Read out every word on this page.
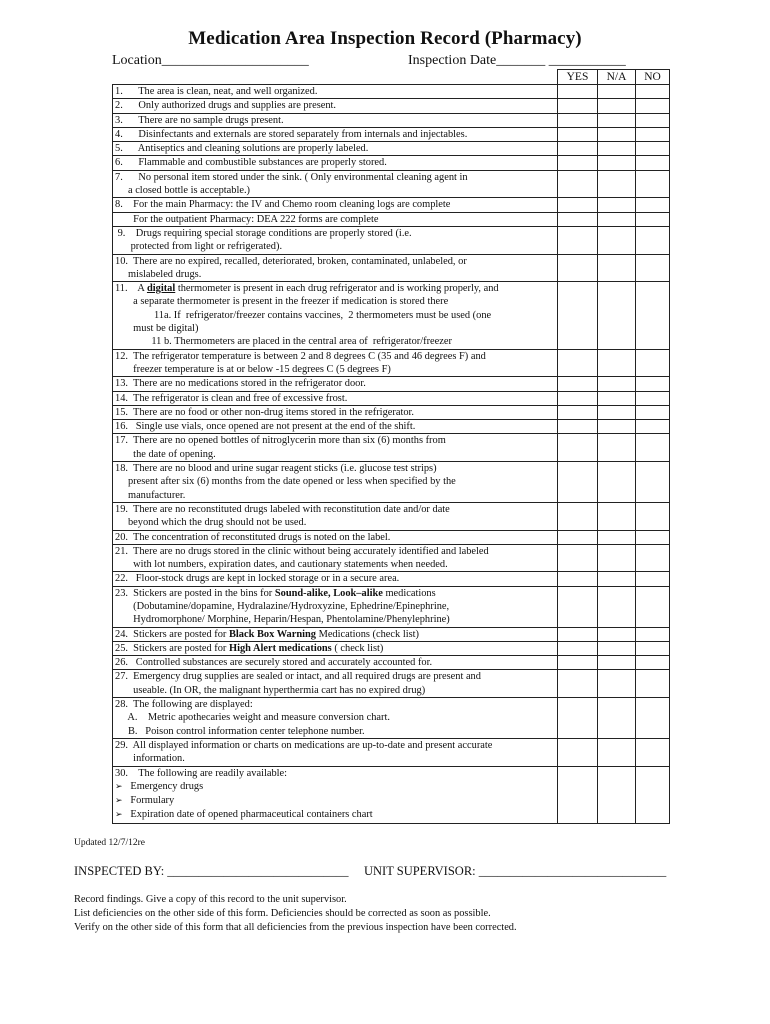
Medication Area Inspection Record (Pharmacy)
Location_____________________	Inspection Date_______ ___________
	YES	N/A	NO

1.      The area is clean, neat, and well organized.			

2.      Only authorized drugs and supplies are present.			

3.      There are no sample drugs present.			

4.      Disinfectants and externals are stored separately from internals and injectables.			

5.      Antiseptics and cleaning solutions are properly labeled.			

6.      Flammable and combustible substances are properly stored.			

7.      No personal item stored under the sink. ( Only environmental cleaning agent in
a closed bottle is acceptable.)			

8.    For the main Pharmacy: the IV and Chemo room cleaning logs are complete			

For the outpatient Pharmacy: DEA 222 forms are complete			

9.    Drugs requiring special storage conditions are properly stored (i.e.
protected from light or refrigerated).			

10.  There are no expired, recalled, deteriorated, broken, contaminated, unlabeled, or
mislabeled drugs.			

11.    A digital thermometer is present in each drug refrigerator and is working properly, and
a separate thermometer is present in the freezer if medication is stored there
11a. If  refrigerator/freezer contains vaccines,  2 thermometers must be used (one
must be digital)
11 b. Thermometers are placed in the central area of  refrigerator/freezer			

12.  The refrigerator temperature is between 2 and 8 degrees C (35 and 46 degrees F) and
freezer temperature is at or below -15 degrees C (5 degrees F)			

13.  There are no medications stored in the refrigerator door.			

14.  The refrigerator is clean and free of excessive frost.			

15.  There are no food or other non-drug items stored in the refrigerator.			

16.   Single use vials, once opened are not present at the end of the shift.			

17.  There are no opened bottles of nitroglycerin more than six (6) months from
the date of opening.			

18.  There are no blood and urine sugar reagent sticks (i.e. glucose test strips)
present after six (6) months from the date opened or less when specified by the
manufacturer.			

19.  There are no reconstituted drugs labeled with reconstitution date and/or date
beyond which the drug should not be used.			

20.  The concentration of reconstituted drugs is noted on the label.			

21.  There are no drugs stored in the clinic without being accurately identified and labeled
with lot numbers, expiration dates, and cautionary statements when needed.			

22.   Floor-stock drugs are kept in locked storage or in a secure area.			

23.  Stickers are posted in the bins for Sound-alike, Look–alike medications
(Dobutamine/dopamine, Hydralazine/Hydroxyzine, Ephedrine/Epinephrine,
Hydromorphone/ Morphine, Heparin/Hespan, Phentolamine/Phenylephrine)			

24.  Stickers are posted for Black Box Warning Medications (check list)			

25.  Stickers are posted for High Alert medications ( check list)			

26.   Controlled substances are securely stored and accurately accounted for.			

27.  Emergency drug supplies are sealed or intact, and all required drugs are present and
useable. (In OR, the malignant hyperthermia cart has no expired drug)			

28.  The following are displayed:
A.    Metric apothecaries weight and measure conversion chart.
B.   Poison control information center telephone number.			

29.  All displayed information or charts on medications are up-to-date and present accurate
information.			

30.    The following are readily available:
➢ Emergency drugs
➢ Formulary
➢ Expiration date of opened pharmaceutical containers chart			

Updated 12/7/12re
INSPECTED BY: _____________________________ UNIT SUPERVISOR: ______________________________
Record findings. Give a copy of this record to the unit supervisor.
List deficiencies on the other side of this form. Deficiencies should be corrected as soon as possible.
Verify on the other side of this form that all deficiencies from the previous inspection have been corrected.
